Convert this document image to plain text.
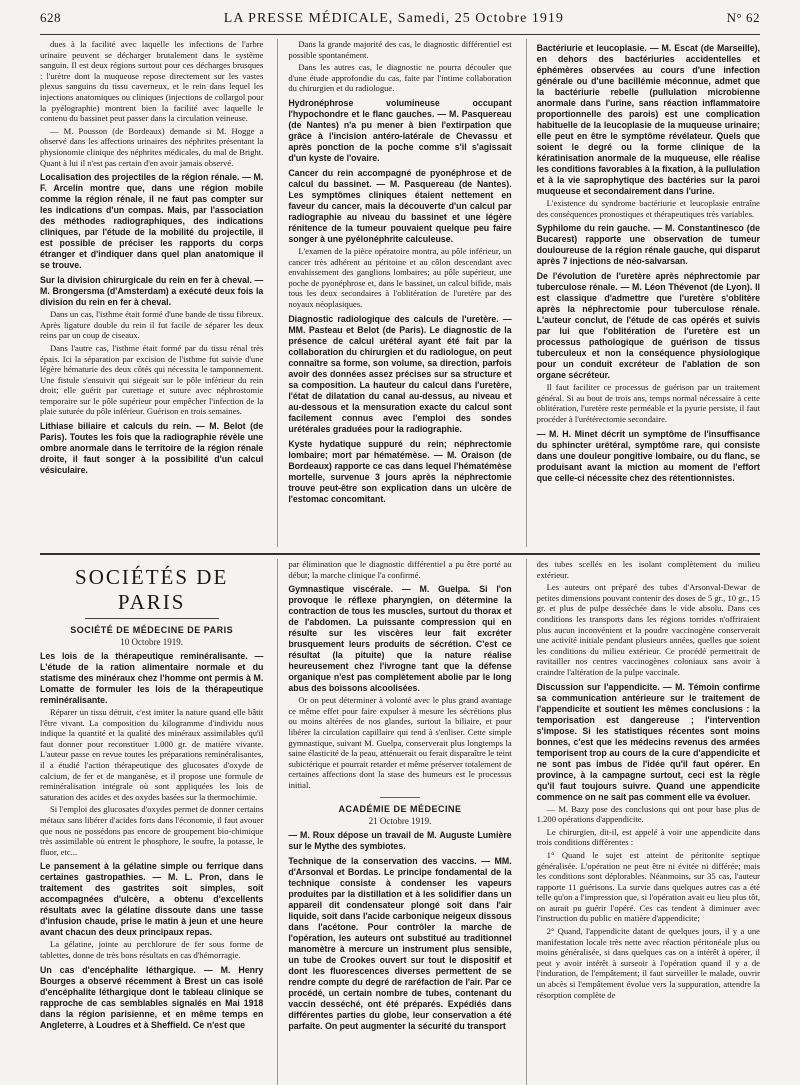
628	LA PRESSE MÉDICALE, Samedi, 25 Octobre 1919	N° 62
dues à la facilité avec laquelle les infections de l'arbre urinaire peuvent se décharger brutalement dans le système sanguin. Il est deux régions surtout pour ces décharges brusques : l'urètre dont la muqueuse repose directement sur les vastes plexus sanguins du tissu caverneux, et le rein dans lequel les injections anatomiques ou cliniques (injections de collargol pour la pyélographie) montrent bien la facilité avec laquelle le contenu du bassinet peut passer dans la circulation veineuse.
— M. Pousson (de Bordeaux) demande si M. Hogge a observé dans les affections urinaires des néphrites présentant la physionomie clinique des néphrites médicales, du mal de Bright. Quant à lui il n'est pas certain d'en avoir jamais observé.
Localisation des projectiles de la région rénale. — M. F. Arcelin montre que, dans une région mobile comme la région rénale, il ne faut pas compter sur les indications d'un compas. Mais, par l'association des méthodes radiographiques, des indications cliniques, par l'étude de la mobilité du projectile, il est possible de préciser les rapports du corps étranger et d'indiquer dans quel plan anatomique il se trouve.
Sur la division chirurgicale du rein en fer à cheval. — M. Brongersma (d'Amsterdam) a exécuté deux fois la division du rein en fer à cheval.
Dans un cas, l'isthme était formé d'une bande de tissu fibreux. Après ligature double du rein il fut facile de séparer les deux reins par un coup de ciseaux.
Dans l'autre cas, l'isthme était formé par du tissu rénal très épais. Ici la séparation par excision de l'isthme fut suivie d'une légère hématurie des deux côtés qui nécessita le tamponnement. Une fistule s'ensuivit qui siégeait sur le pôle inférieur du rein droit; elle guérit par curettage et suture avec néphrostomie temporaire sur le pôle supérieur pour empêcher l'infection de la plaie suturée du pôle inférieur. Guérison en trois semaines.
Lithiase biliaire et calculs du rein. — M. Belot (de Paris). Toutes les fois que la radiographie révèle une ombre anormale dans le territoire de la région rénale droite, il faut songer à la possibilité d'un calcul vésiculaire.
Dans la grande majorité des cas, le diagnostic différentiel est possible spontanément.
Dans les autres cas, le diagnostic ne pourra découler que d'une étude approfondie du cas, faite par l'intime collaboration du chirurgien et du radiologue.
Hydronéphrose volumineuse occupant l'hypochondre et le flanc gauches. — M. Pasquereau (de Nantes) n'a pu mener à bien l'extirpation que grâce à l'incision antéro-latérale de Chevassu et après ponction de la poche comme s'il s'agissait d'un kyste de l'ovaire.
Cancer du rein accompagné de pyonéphrose et de calcul du bassinet. — M. Pasquereau (de Nantes). Les symptômes cliniques étaient nettement en faveur du cancer, mais la découverte d'un calcul par radiographie au niveau du bassinet et une légère rénitence de la tumeur pouvaient quelque peu faire songer à une pyélonéphrite calculeuse.
L'examen de la pièce opératoire montra, au pôle inférieur, un cancer très adhérent au péritoine et au côlon descendant avec envahissement des ganglions lombaires; au pôle supérieur, une poche de pyonéphrose et, dans le bassinet, un calcul bifide, mais tous les deux secondaires à l'oblitération de l'uretère par des noyaux néoplasiques.
Diagnostic radiologique des calculs de l'uretère. — MM. Pasteau et Belot (de Paris). Le diagnostic de la présence de calcul urétéral ayant été fait par la collaboration du chirurgien et du radiologue, on peut connaître sa forme, son volume, sa direction, parfois avoir des données assez précises sur sa structure et sa composition. La hauteur du calcul dans l'uretère, l'état de dilatation du canal au-dessus, au niveau et au-dessous et la mensuration exacte du calcul sont facilement connus avec l'emploi des sondes urétérales graduées pour la radiographie.
Kyste hydatique suppuré du rein; néphrectomie lombaire; mort par hématémèse. — M. Oraison (de Bordeaux) rapporte ce cas dans lequel l'hématémèse mortelle, survenue 3 jours après la néphrectomie trouve peut-être son explication dans un ulcère de l'estomac concomitant.
Bactériurie et leucoplasie. — M. Escat (de Marseille), en dehors des bactériuries accidentelles et éphémères observées au cours d'une infection générale ou d'une bacillémie méconnue, admet que la bactériurie rebelle (pullulation microbienne anormale dans l'urine, sans réaction inflammatoire proportionnelle des parois) est une complication habituelle de la leucoplasie de la muqueuse urinaire; elle peut en être le symptôme révélateur. Quels que soient le degré ou la forme clinique de la kératinisation anormale de la muqueuse, elle réalise les conditions favorables à la fixation, à la pullulation et à la vie saprophytique des bactéries sur la paroi muqueuse et secondairement dans l'urine.
L'existence du syndrome bactériurie et leucoplasie entraîne des conséquences pronostiques et thérapeutiques très variables.
Syphilome du rein gauche. — M. Constantinesco (de Bucarest) rapporte une observation de tumeur douloureuse de la région rénale gauche, qui disparut après 7 injections de néo-salvarsan.
De l'évolution de l'uretère après néphrectomie par tuberculose rénale. — M. Léon Thévenot (de Lyon). Il est classique d'admettre que l'uretère s'oblitère après la néphrectomie pour tuberculose rénale. L'auteur conclut, de l'étude de cas opérés et suivis par lui que l'oblitération de l'uretère est un processus pathologique de guérison de tissus tuberculeux et non la conséquence physiologique pour un conduit excréteur de l'ablation de son organe sécréteur.
Il faut faciliter ce processus de guérison par un traitement général. Si au bout de trois ans, temps normal nécessaire à cette oblitération, l'uretère reste perméable et la pyurie persiste, il faut procéder à l'urétérectomie secondaire.
— M. H. Minet décrit un symptôme de l'insuffisance du sphincter urétéral, symptôme rare, qui consiste dans une douleur pongitive lombaire, ou du flanc, se produisant avant la miction au moment de l'effort que celle-ci nécessite chez des rétentionnistes.
SOCIÉTÉS DE PARIS
SOCIÉTÉ DE MÉDECINE DE PARIS
10 Octobre 1919.
Les lois de la thérapeutique reminéralisante. — L'étude de la ration alimentaire normale et du statisme des minéraux chez l'homme ont permis à M. Lomatte de formuler les lois de la thérapeutique reminéralisante.
Réparer un tissu détruit, c'est imiter la nature quand elle bâtit l'être vivant. La composition du kilogramme d'individu nous indique la quantité et la qualité des minéraux assimilables qu'il faut donner pour reconstituer 1.000 gr. de matière vivante. L'auteur passe en revue toutes les préparations reminéralisantes, il a étudié l'action thérapeutique des glucosates d'oxyde de calcium, de fer et de manganèse, et il propose une formule de reminéralisation intégrale où sont appliquées les lois de saturation des acides et des oxydes basées sur la thermochimie.
Si l'emploi des glucosates d'oxydes permet de donner certains métaux sans libérer d'acides forts dans l'économie, il faut avouer que nous ne possédons pas encore de groupement bio-chimique très assimilable où entrent le phosphore, le soufre, la potasse, le fluor, etc...
Le pansement à la gélatine simple ou ferrique dans certaines gastropathies. — M. L. Pron, dans le traitement des gastrites soit simples, soit accompagnées d'ulcère, a obtenu d'excellents résultats avec la gélatine dissoute dans une tasse d'infusion chaude, prise le matin à jeun et une heure avant chacun des deux principaux repas.
La gélatine, jointe au perchlorure de fer sous forme de tablettes, donne de très bons résultats en cas d'hémorragie.
Un cas d'encéphalite léthargique. — M. Henry Bourges a observé récemment à Brest un cas isolé d'encéphalite léthargique dont le tableau clinique se rapproche de cas semblables signalés en Mai 1918 dans la région parisienne, et en même temps en Angleterre, à Loudres et à Sheffield. Ce n'est que
par élimination que le diagnostic différentiel a pu être porté au début; la marche clinique l'a confirmé.
Gymnastique viscérale. — M. Guelpa. Si l'on provoque le réflexe pharyngien, on détermine la contraction de tous les muscles, surtout du thorax et de l'abdomen. La puissante compression qui en résulte sur les viscères leur fait excréter brusquement leurs produits de sécrétion. C'est ce résultat (la pituite) que la nature réalise heureusement chez l'ivrogne tant que la défense organique n'est pas complètement abolie par le long abus des boissons alcoolisées.
Or on peut déterminer à volonté avec le plus grand avantage ce même effet pour faire expulser à mesure les sécrétions plus ou moins altérées de nos glandes, surtout la biliaire, et pour libérer la circulation capillaire qui tend à s'enliser. Cette simple gymnastique, suivant M. Guelpa, conserverait plus longtemps la saine élasticité de la peau, atténuerait ou ferait disparaître le teint subictérique et pourrait retarder et même préserver totalement de certaines affections dont la stase des humeurs est le processus initial.
ACADÉMIE DE MÉDECINE
21 Octobre 1919.
— M. Roux dépose un travail de M. Auguste Lumière sur le Mythe des symbiotes.
Technique de la conservation des vaccins. — MM. d'Arsonval et Bordas. Le principe fondamental de la technique consiste à condenser les vapeurs produites par la distillation et à les solidifier dans un appareil dit condensateur plongé soit dans l'air liquide, soit dans l'acide carbonique neigeux dissous dans l'acétone. Pour contrôler la marche de l'opération, les auteurs ont substitué au traditionnel manomètre à mercure un instrument plus sensible, un tube de Crookes ouvert sur tout le dispositif et dont les fluorescences diverses permettent de se rendre compte du degré de raréfaction de l'air. Par ce procédé, un certain nombre de tubes, contenant du vaccin desséché, ont été préparés. Expédiés dans différentes parties du globe, leur conservation a été parfaite. On peut augmenter la sécurité du transport
des tubes scellés en les isolant complètement du milieu extérieur.
Les auteurs ont préparé des tubes d'Arsonval-Dewar de petites dimensions pouvant contenir des doses de 5 gr., 10 gr., 15 gr. et plus de pulpe desséchée dans le vide absolu. Dans ces conditions les transports dans les régions torrides n'offriraient plus aucun inconvénient et la poudre vaccinogène conserverait une activité initiale pendant plusieurs années, quelles que soient les conditions du milieu extérieur. Ce procédé permettrait de ravitailler nos centres vaccinogènes coloniaux sans avoir à craindre l'altération de la pulpe vaccinale.
Discussion sur l'appendicite. — M. Témoin confirme sa communication antérieure sur le traitement de l'appendicite et soutient les mêmes conclusions : la temporisation est dangereuse ; l'intervention s'impose. Si les statistiques récentes sont moins bonnes, c'est que les médecins revenus des armées temporisent trop au cours de la cure d'appendicite et ne sont pas imbus de l'idée qu'il faut opérer. En province, à la campagne surtout, ceci est la règle qu'il faut toujours suivre. Quand une appendicite commence on ne sait pas comment elle va évoluer.
— M. Bazy pose des conclusions qui ont pour base plus de 1.200 opérations d'appendicite.
Le chirurgien, dit-il, est appelé à voir une appendicite dans trois conditions différentes :
1° Quand le sujet est atteint de péritonite septique généralisée. L'opération ne peut être ni évitée ni différée; mais les conditions sont déplorables. Néanmoins, sur 35 cas, l'auteur rapporte 11 guérisons. La survie dans quelques autres cas a été telle qu'on a l'impression que, si l'opération avait eu lieu plus tôt, on aurait pu guérir l'opéré. Ces cas tendent à diminuer avec l'instruction du public en matière d'appendicite;
2° Quand, l'appendicite datant de quelques jours, il y a une manifestation locale très nette avec réaction péritonéale plus ou moins généralisée, si dans quelques cas on a intérêt à opérer, il peut y avoir intérêt à surseoir à l'opération quand il y a de l'induration, de l'empâtement; il faut surveiller le malade, ouvrir un abcès si l'empâtement évolue vers la suppuration, attendre la résorption complète de
